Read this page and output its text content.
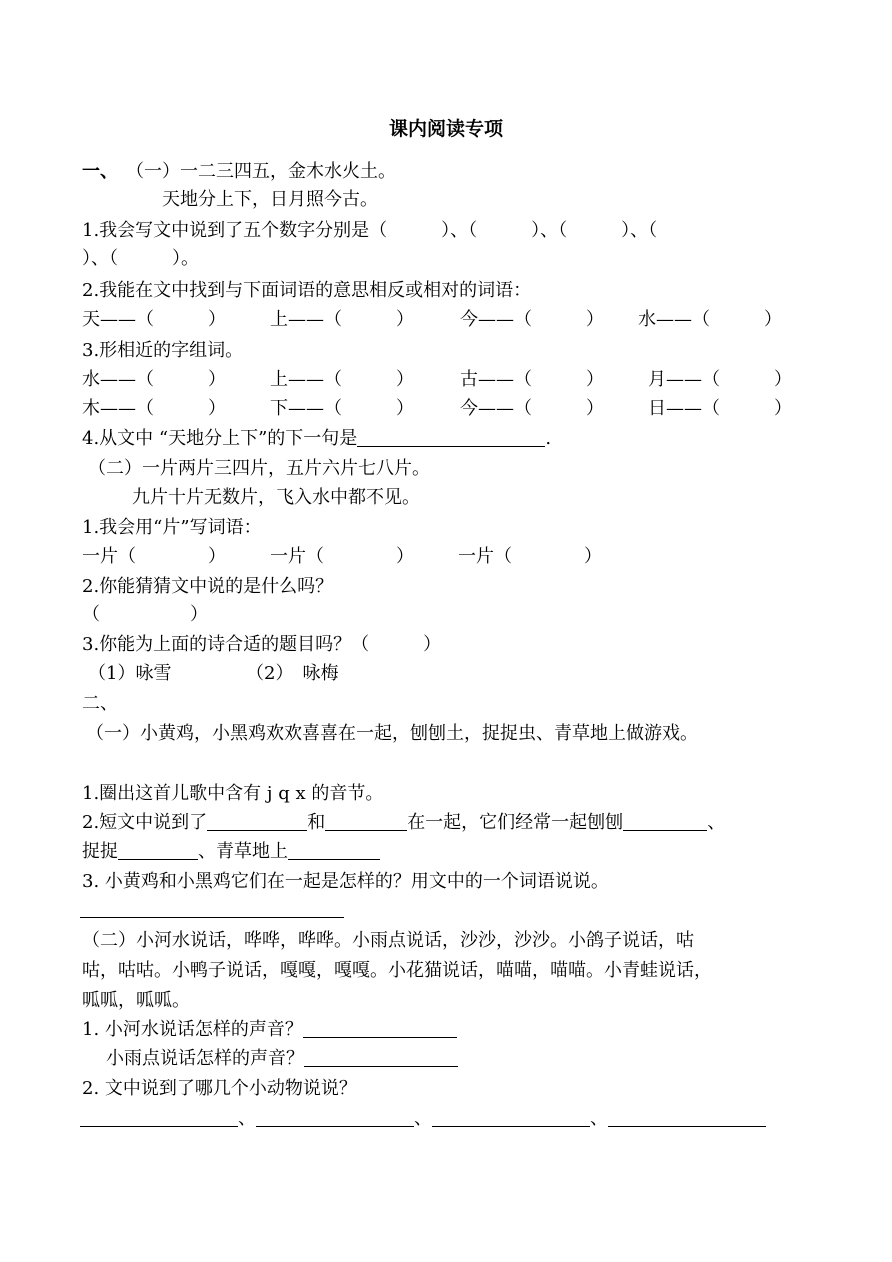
课内阅读专项
一、 （一）一二三四五，金木水火土。
天地分上下，日月照今古。
1.我会写文中说到了五个数字分别是（　　　）、（　　　）、（　　　）、（
）、（　　　）。
2.我能在文中找到与下面词语的意思相反或相对的词语：
天——（　　　） 上——（　　　）	今——（　　　） 水——（　　　）
3.形相近的字组词。
水——（　　　） 上——（　　　）	古——（　　　） 月——（　　　）
木——（　　　） 下——（　　　）	今——（　　　） 日——（　　　）
4.从文中 “天地分上下”的下一句是	.
（二）一片两片三四片，五片六片七八片。
九片十片无数片，飞入水中都不见。
1.我会用“片”写词语：
一片（　　　　） 一片（　　　　） 一片（　　　　）
2.你能猜猜文中说的是什么吗？
（　　　　　）
3.你能为上面的诗合适的题目吗？（　　　）
（1）咏雪	（2）　咏梅
二、
（一）小黄鸡，小黑鸡欢欢喜喜在一起，刨刨土，捉捉虫、青草地上做游戏。
1.圈出这首儿歌中含有 j q x 的音节。
2.短文中说到了	和	在一起，它们经常一起刨刨	、
捉捉	、青草地上
3. 小黄鸡和小黑鸡它们在一起是怎样的？用文中的一个词语说说。
（二）小河水说话，哗哗，哗哗。小雨点说话，沙沙，沙沙。小鸽子说话，咕
咕，咕咕。小鸭子说话，嘎嘎，嘎嘎。小花猫说话，喵喵，喵喵。小青蛙说话，
呱呱，呱呱。
1. 小河水说话怎样的声音？
小雨点说话怎样的声音？
2. 文中说到了哪几个小动物说说？
、	、	、
